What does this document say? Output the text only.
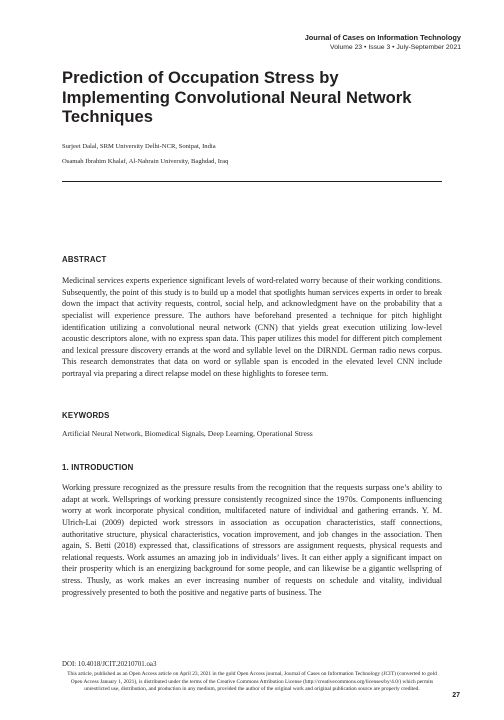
Journal of Cases on Information Technology
Volume 23 • Issue 3 • July-September 2021
Prediction of Occupation Stress by Implementing Convolutional Neural Network Techniques
Surjeet Dalal, SRM University Delhi-NCR, Sonipat, India
Osamah Ibrahim Khalaf, Al-Nahrain University, Baghdad, Iraq
ABSTRACT

Medicinal services experts experience significant levels of word-related worry because of their working conditions. Subsequently, the point of this study is to build up a model that spotlights human services experts in order to break down the impact that activity requests, control, social help, and acknowledgment have on the probability that a specialist will experience pressure. The authors have beforehand presented a technique for pitch highlight identification utilizing a convolutional neural network (CNN) that yields great execution utilizing low-level acoustic descriptors alone, with no express span data. This paper utilizes this model for different pitch complement and lexical pressure discovery errands at the word and syllable level on the DIRNDL German radio news corpus. This research demonstrates that data on word or syllable span is encoded in the elevated level CNN include portrayal via preparing a direct relapse model on these highlights to foresee term.

KEYWORDS

Artificial Neural Network, Biomedical Signals, Deep Learning, Operational Stress

1. INTRODUCTION

Working pressure recognized as the pressure results from the recognition that the requests surpass one’s ability to adapt at work. Wellsprings of working pressure consistently recognized since the 1970s. Components influencing worry at work incorporate physical condition, multifaceted nature of individual and gathering errands. Y. M. Ulrich-Lai (2009) depicted work stressors in association as occupation characteristics, staff connections, authoritative structure, physical characteristics, vocation improvement, and job changes in the association. Then again, S. Betti (2018) expressed that, classifications of stressors are assignment requests, physical requests and relational requests. Work assumes an amazing job in individuals’ lives. It can either apply a significant impact on their prosperity which is an energizing background for some people, and can likewise be a gigantic wellspring of stress. Thusly, as work makes an ever increasing number of requests on schedule and vitality, individual progressively presented to both the positive and negative parts of business. The

DOI: 10.4018/JCIT.20210701.oa3
This article, published as an Open Access article on April 23, 2021 in the gold Open Access journal, Journal of Cases on Information Technology (JCIT) (converted to gold Open Access January 1, 2021), is distributed under the terms of the Creative Commons Attribution License (http://creativecommons.org/licenses/by/4.0/) which permits unrestricted use, distribution, and production in any medium, provided the author of the original work and original publication source are properly credited.
27
